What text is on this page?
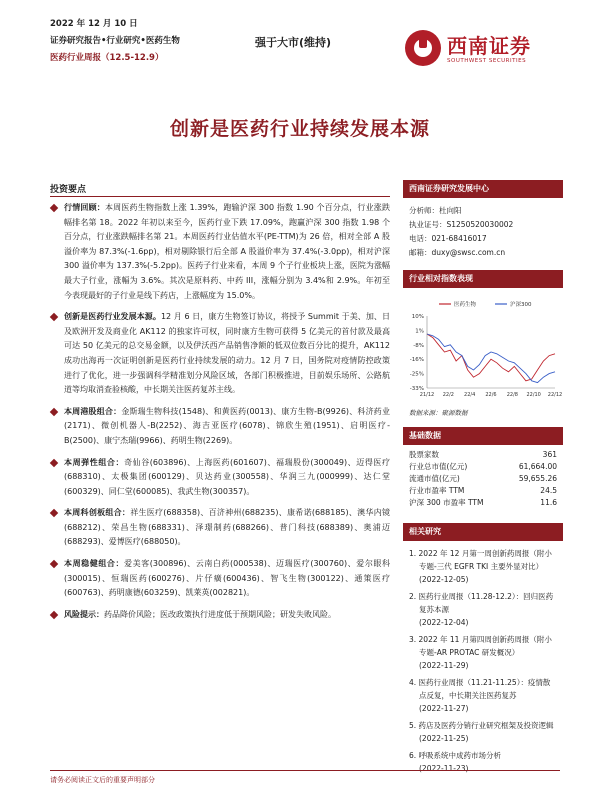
2022 年 12 月 10 日
证券研究报告•行业研究•医药生物
医药行业周报（12.5-12.9）
强于大市(维持)	西南证券
SOUTHWEST SECURITIES
创新是医药行业持续发展本源
投资要点
行情回顾：本周医药生物指数上涨 1.39%，跑输沪深 300 指数 1.90 个百分点，行业涨跌幅排名第 18。2022 年初以来至今，医药行业下跌 17.09%，跑赢沪深 300 指数 1.98 个百分点，行业涨跌幅排名第 21。本周医药行业估值水平(PE-TTM)为 26 倍，相对全部 A 股溢价率为 87.3%(-1.6pp)，相对剔除银行后全部 A 股溢价率为 37.4%(-3.0pp)，相对沪深 300 溢价率为 137.3%(-5.2pp)。医药子行业来看，本周 9 个子行业板块上涨，医院为涨幅最大子行业，涨幅为 3.6%。其次是原料药、中药 III，涨幅分别为 3.4%和 2.9%。年初至今表现最好的子行业是线下药店，上涨幅度为 15.0%。
创新是医药行业发展本源。12 月 6 日，康方生物签订协议，将授予 Summit 于美、加、日及欧洲开发及商业化 AK112 的独家许可权，同时康方生物可获得 5 亿美元的首付款及最高可达 50 亿美元的总交易金额，以及伊沃西产品销售净额的低双位数百分比的提升，AK112 成功出海再一次证明创新是医药行业持续发展的动力。12 月 7 日，国务院对疫情防控政策进行了优化，进一步强调科学精准划分风险区域，各部门积极推进，目前娱乐场所、公路航道等均取消查验核酸，中长期关注医药复苏主线。
本周港股组合：金斯瑞生物科技(1548)、和黄医药(0013)、康方生物-B(9926)、科济药业(2171)、微创机器人-B(2252)、海吉亚医疗(6078)、锦欣生殖(1951)、启明医疗-B(2500)、康宁杰瑞(9966)、药明生物(2269)。
本周弹性组合：奇仙谷(603896)、上海医药(601607)、福瑞股份(300049)、迈得医疗(688310)、太极集团(600129)、贝达药业(300558)、华润三九(000999)、达仁堂(600329)、同仁堂(600085)、我武生物(300357)。
本周科创板组合：祥生医疗(688358)、百济神州(688235)、康希诺(688185)、澳华内镜(688212)、荣昌生物(688331)、泽璟制药(688266)、普门科技(688389)、奥浦迈(688293)、爱博医疗(688050)。
本周稳健组合：爱美客(300896)、云南白药(000538)、迈瑞医疗(300760)、爱尔眼科(300015)、恒瑞医药(600276)、片仔癀(600436)、智飞生物(300122)、通策医疗(600763)、药明康德(603259)、凯莱英(002821)。
风险提示：药品降价风险；医改政策执行进度低于预期风险；研发失败风险。
西南证券研究发展中心
分析师：杜向阳
执业证号：S1250520030002
电话：021-68416017
邮箱：duxy@swsc.com.cn
行业相对指数表现
10%
1%
-8%
-16%
-25%
-33%
21/12 22/2 22/4 22/6 22/8 22/10 22/12
医药生物	沪深300
数据来源：聚源数据
基础数据
股票家数	361
行业总市值(亿元)	61,664.00
流通市值(亿元)	59,655.26
行业市盈率 TTM	24.5
沪深 300 市盈率 TTM	11.6
相关研究
1. 2022 年 12 月第一周创新药周报（附小专题-三代 EGFR TKI 主要外显对比）
(2022-12-05)
2. 医药行业周报（11.28-12.2）：回归医药复苏本源
(2022-12-04)
3. 2022 年 11 月第四周创新药周报（附小专题-AR PROTAC 研发概况）
(2022-11-29)
4. 医药行业周报（11.21-11.25）：疫情散点反复，中长期关注医药复苏
(2022-11-27)
5. 药店及医药分销行业研究框架及投资逻辑
(2022-11-25)
6. 呼吸系统中成药市场分析
(2022-11-23)
请务必阅读正文后的重要声明部分
